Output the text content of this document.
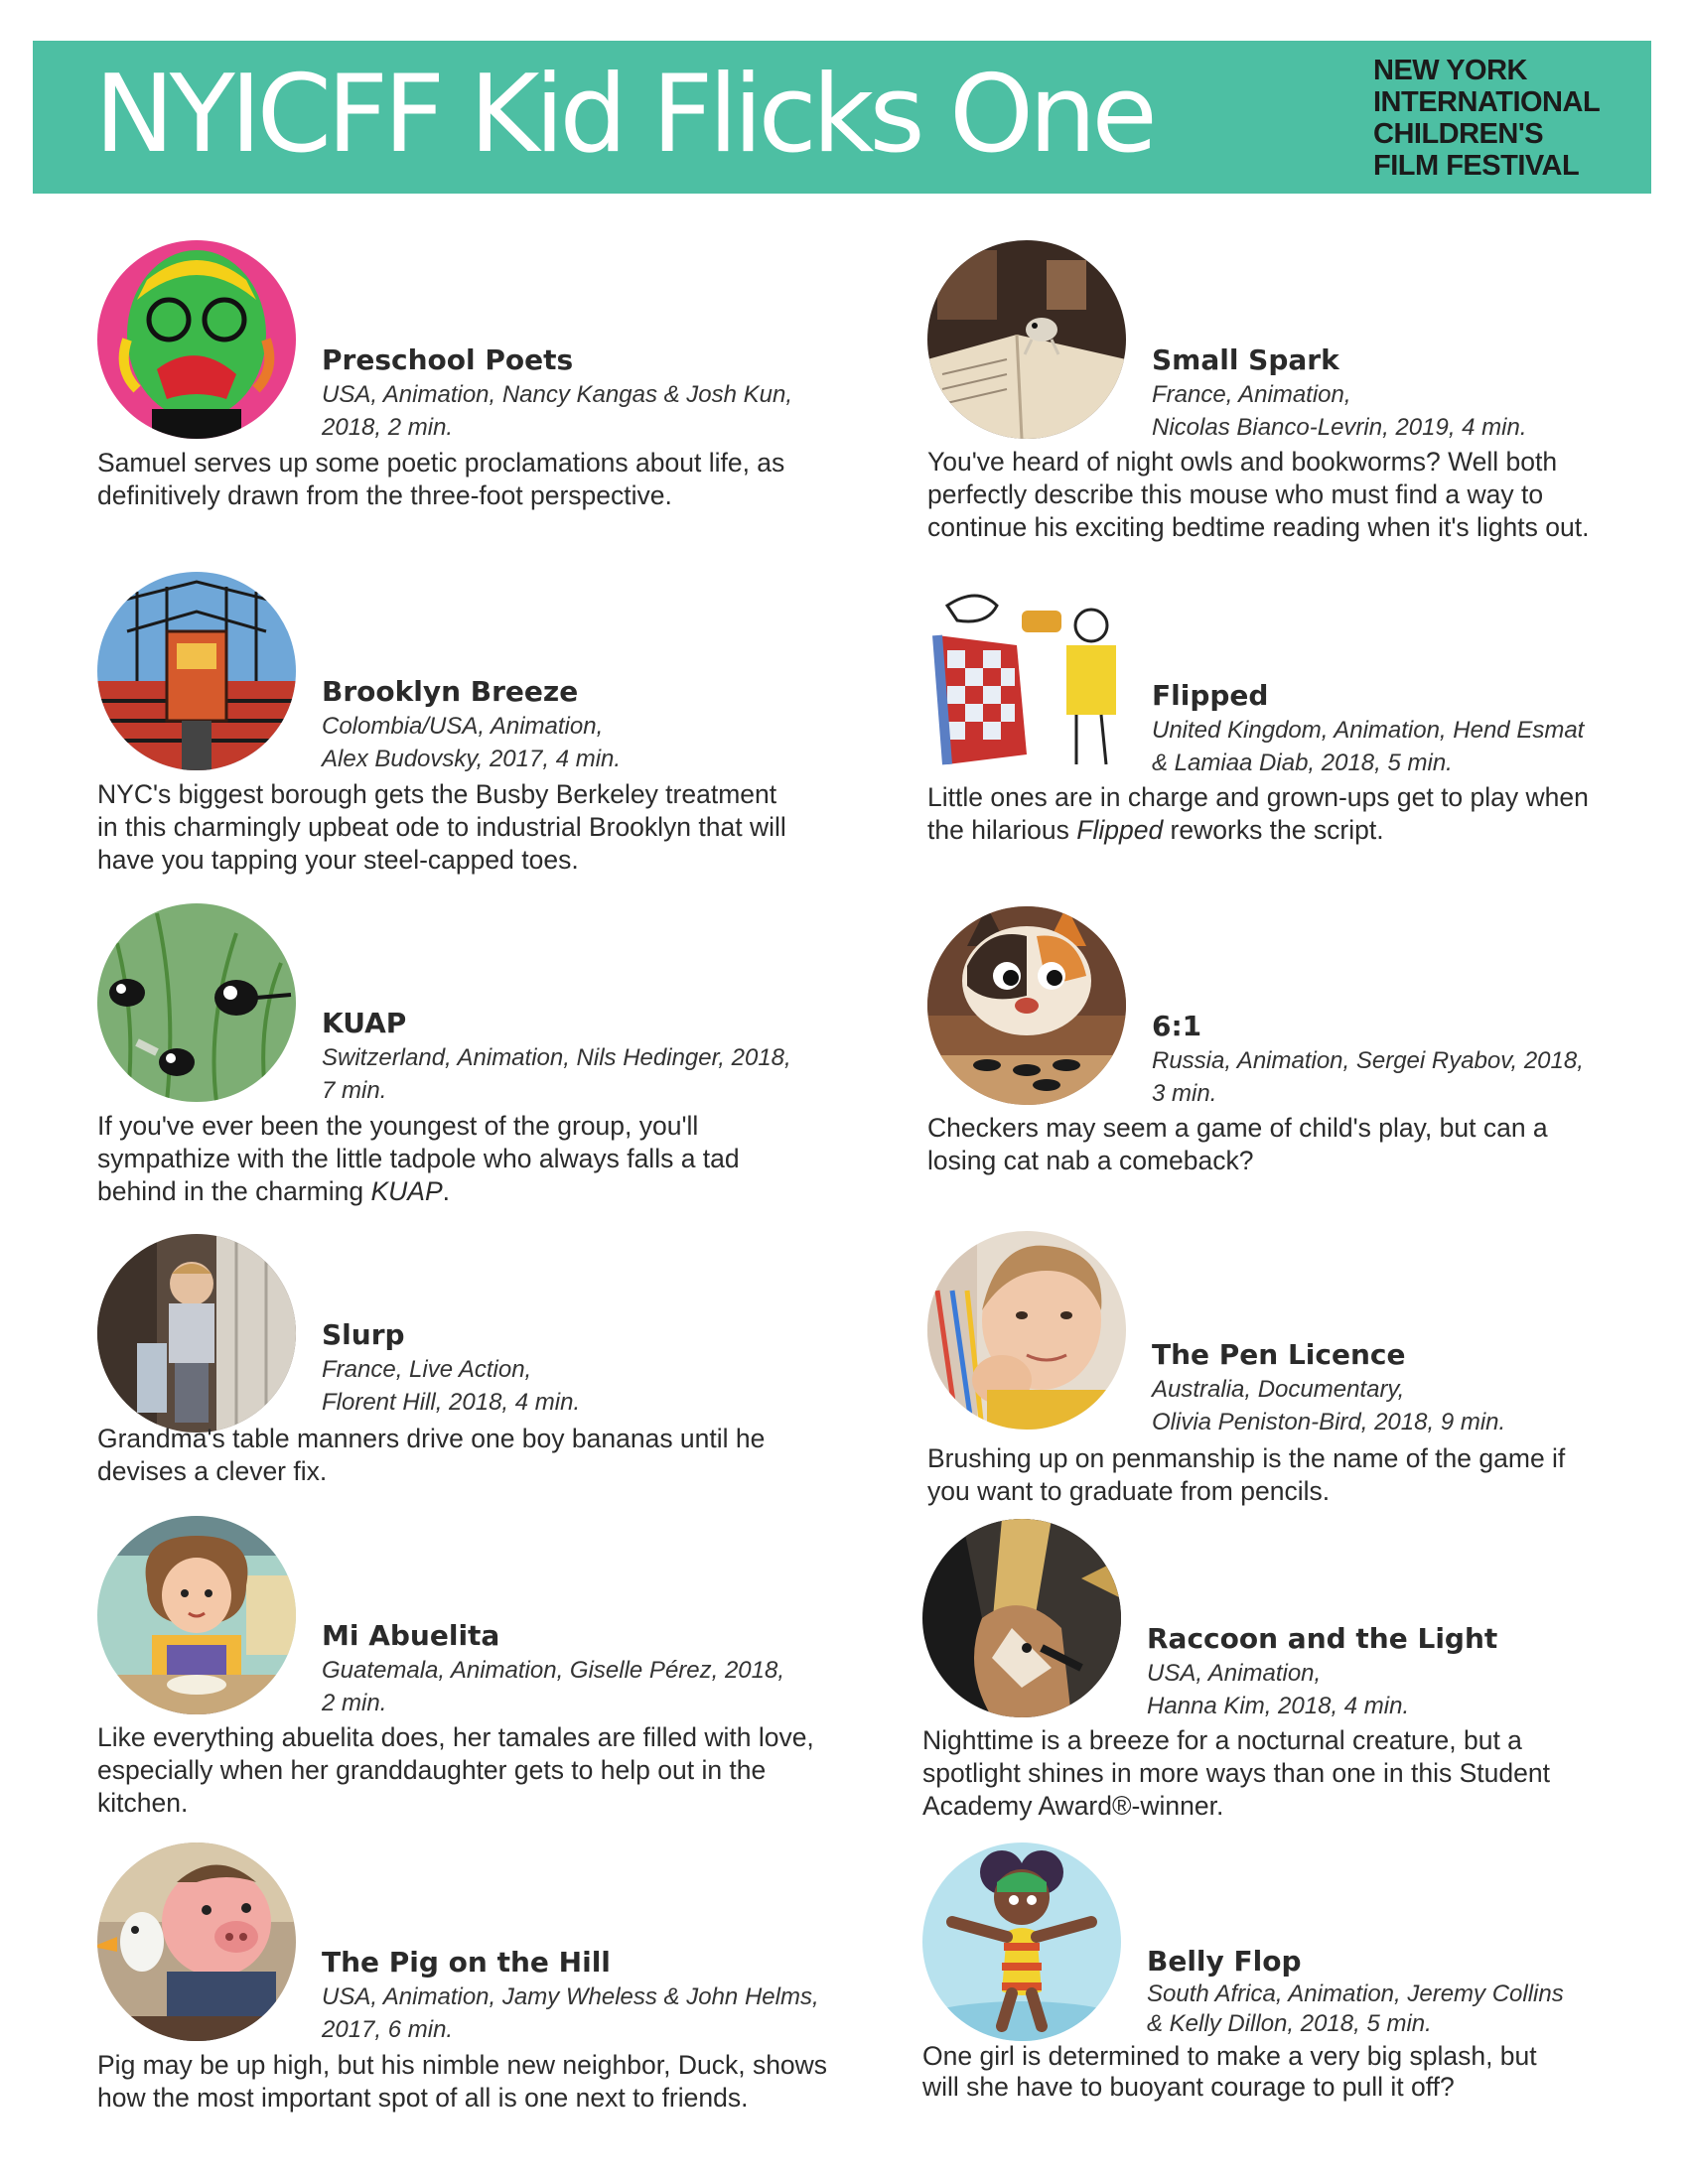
NYICFF Kid Flicks One	NEW YORK
INTERNATIONAL
CHILDREN'S
FILM FESTIVAL
Preschool Poets
USA, Animation, Nancy Kangas & Josh Kun,
2018, 2 min.
Samuel serves up some poetic proclamations about life, as
definitively drawn from the three-foot perspective.
Small Spark
France, Animation,
Nicolas Bianco-Levrin, 2019, 4 min.
You've heard of night owls and bookworms? Well both
perfectly describe this mouse who must find a way to
continue his exciting bedtime reading when it's lights out.
Brooklyn Breeze
Colombia/USA, Animation,
Alex Budovsky, 2017, 4 min.
NYC's biggest borough gets the Busby Berkeley treatment
in this charmingly upbeat ode to industrial Brooklyn that will
have you tapping your steel-capped toes.
Flipped
United Kingdom, Animation, Hend Esmat
& Lamiaa Diab, 2018, 5 min.
Little ones are in charge and grown-ups get to play when
the hilarious Flipped reworks the script.
KUAP
Switzerland, Animation, Nils Hedinger, 2018,
7 min.
If you've ever been the youngest of the group, you'll
sympathize with the little tadpole who always falls a tad
behind in the charming KUAP.
6:1
Russia, Animation, Sergei Ryabov, 2018,
3 min.
Checkers may seem a game of child's play, but can a
losing cat nab a comeback?
Slurp
France, Live Action,
Florent Hill, 2018, 4 min.
Grandma's table manners drive one boy bananas until he
devises a clever fix.
The Pen Licence
Australia, Documentary,
Olivia Peniston-Bird, 2018, 9 min.
Brushing up on penmanship is the name of the game if
you want to graduate from pencils.
Mi Abuelita
Guatemala, Animation, Giselle Pérez, 2018,
2 min.
Like everything abuelita does, her tamales are filled with love,
especially when her granddaughter gets to help out in the
kitchen.
Raccoon and the Light
USA, Animation,
Hanna Kim, 2018, 4 min.
Nighttime is a breeze for a nocturnal creature, but a
spotlight shines in more ways than one in this Student
Academy Award®-winner.
The Pig on the Hill
USA, Animation, Jamy Wheless & John Helms,
2017, 6 min.
Pig may be up high, but his nimble new neighbor, Duck, shows
how the most important spot of all is one next to friends.
Belly Flop
South Africa, Animation, Jeremy Collins
& Kelly Dillon, 2018, 5 min.
One girl is determined to make a very big splash, but
will she have to buoyant courage to pull it off?
